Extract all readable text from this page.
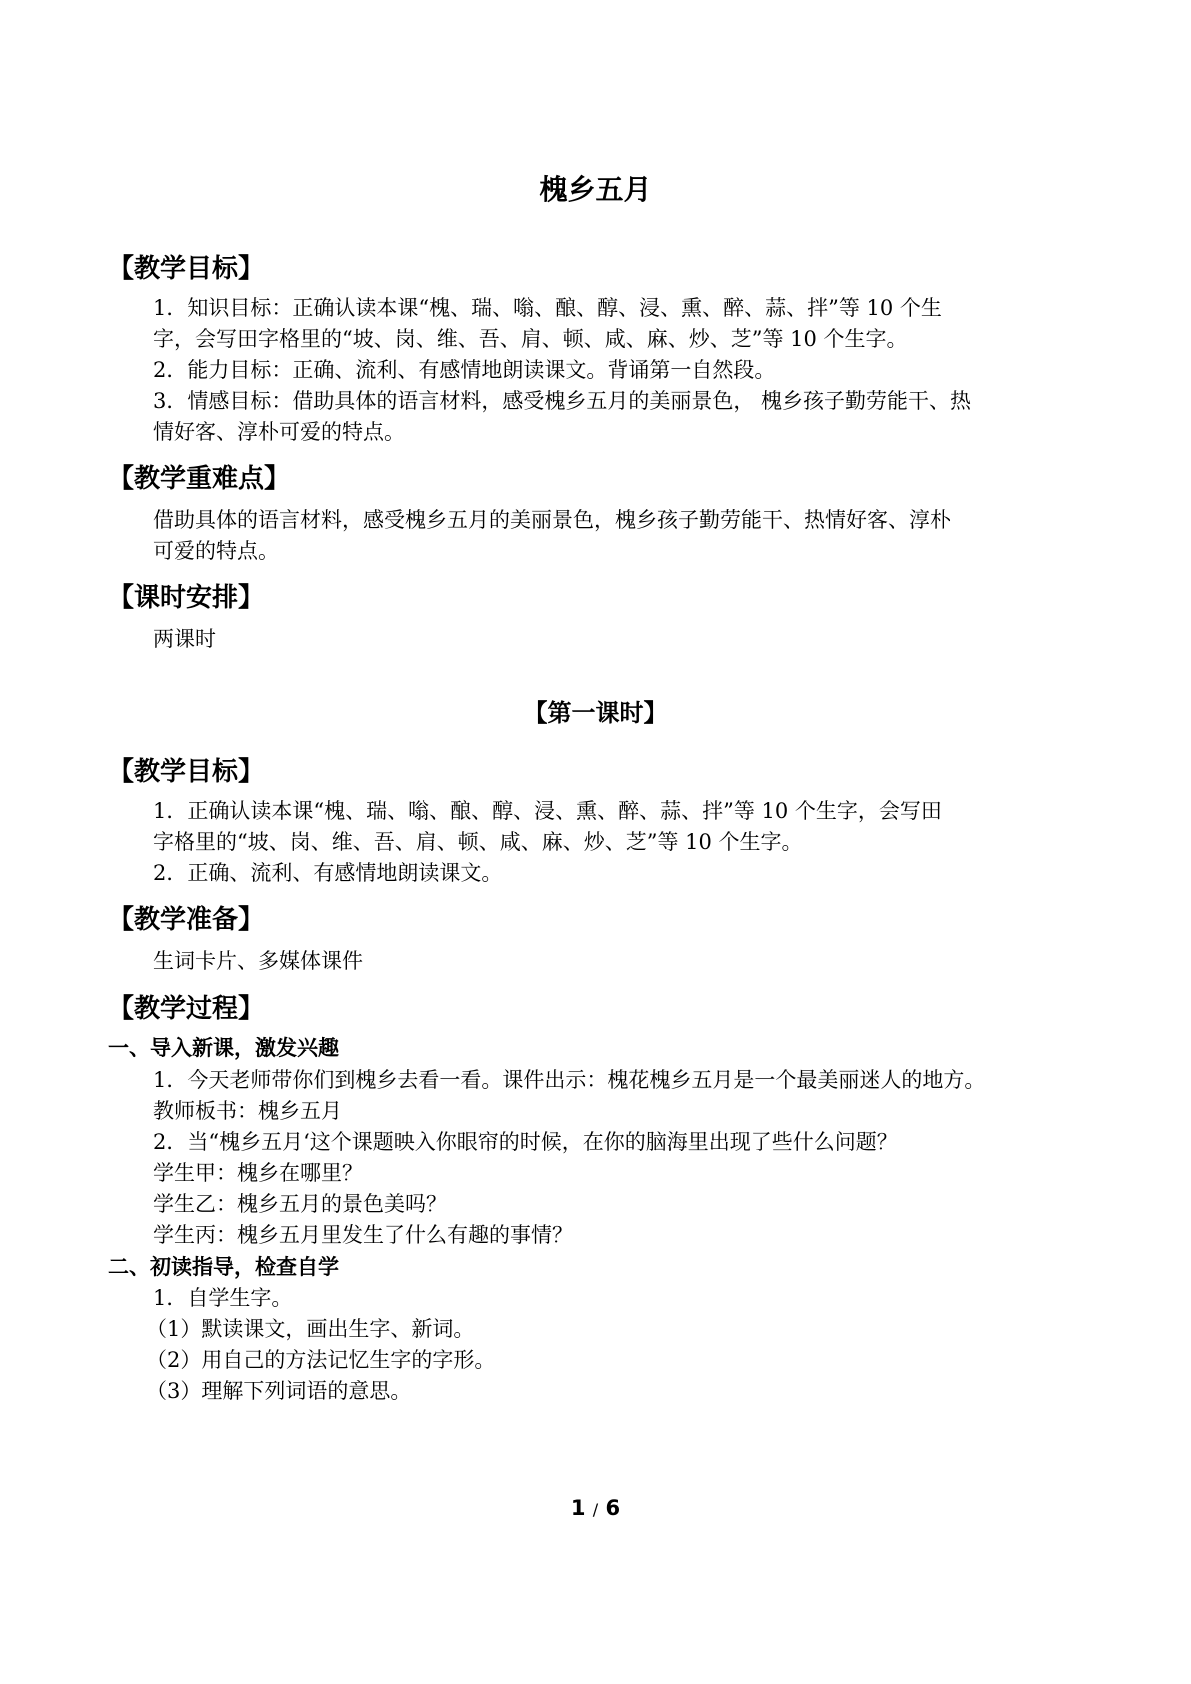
槐乡五月
【教学目标】
1．知识目标：正确认读本课“槐、瑞、嗡、酿、醇、浸、熏、醉、蒜、拌”等 10 个生
字，会写田字格里的“坡、岗、维、吾、肩、顿、咸、麻、炒、芝”等 10 个生字。
2．能力目标：正确、流利、有感情地朗读课文。背诵第一自然段。
3．情感目标：借助具体的语言材料，感受槐乡五月的美丽景色， 槐乡孩子勤劳能干、热
情好客、淳朴可爱的特点。
【教学重难点】
借助具体的语言材料，感受槐乡五月的美丽景色，槐乡孩子勤劳能干、热情好客、淳朴
可爱的特点。
【课时安排】
两课时
【第一课时】
【教学目标】
1．正确认读本课“槐、瑞、嗡、酿、醇、浸、熏、醉、蒜、拌”等 10 个生字，会写田
字格里的“坡、岗、维、吾、肩、顿、咸、麻、炒、芝”等 10 个生字。
2．正确、流利、有感情地朗读课文。
【教学准备】
生词卡片、多媒体课件
【教学过程】
一、导入新课，激发兴趣
1．今天老师带你们到槐乡去看一看。课件出示：槐花槐乡五月是一个最美丽迷人的地方。
教师板书：槐乡五月
2．当“槐乡五月‘这个课题映入你眼帘的时候，在你的脑海里出现了些什么问题？
学生甲：槐乡在哪里？
学生乙：槐乡五月的景色美吗？
学生丙：槐乡五月里发生了什么有趣的事情？
二、初读指导，检查自学
1．自学生字。
（1）默读课文，画出生字、新词。
（2）用自己的方法记忆生字的字形。
（3）理解下列词语的意思。
1 / 6
